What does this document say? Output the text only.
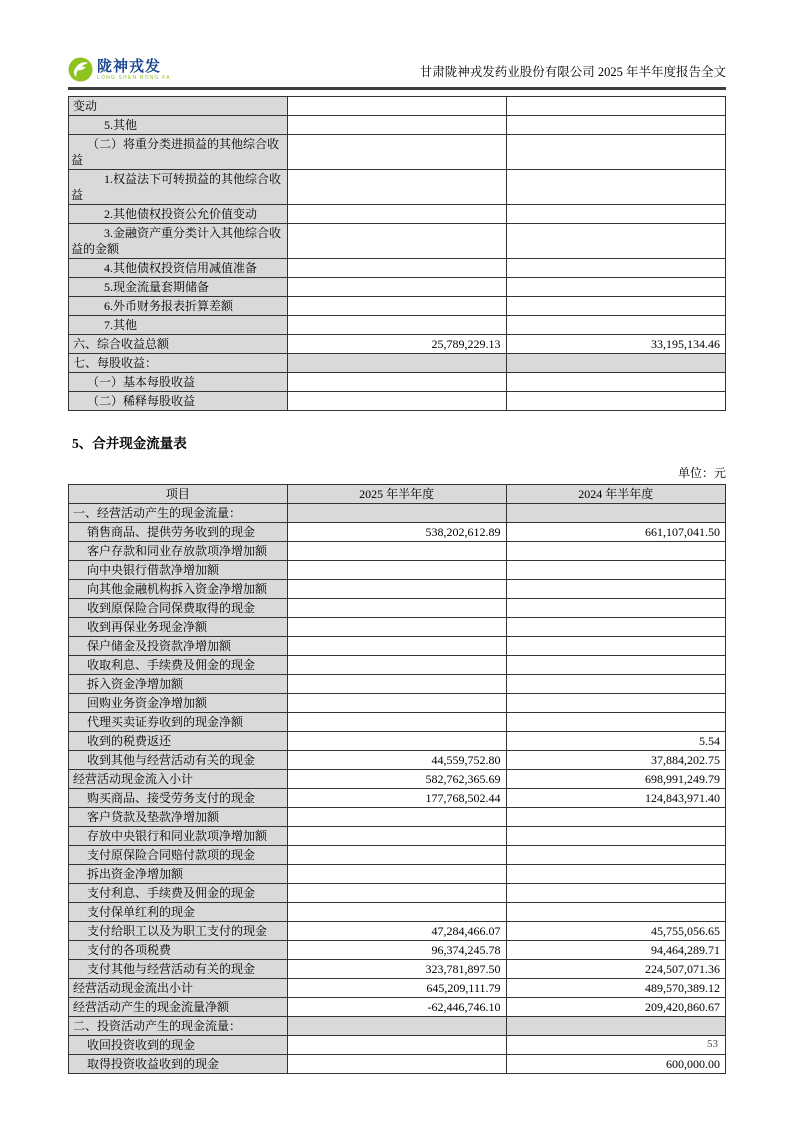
陇神戎发
LONG SHEN RONG FA	甘肃陇神戎发药业股份有限公司 2025 年半年度报告全文
变动		
5.其他		
（二）将重分类进损益的其他综合收益		
1.权益法下可转损益的其他综合收益		
2.其他债权投资公允价值变动		
3.金融资产重分类计入其他综合收益的金额		
4.其他债权投资信用减值准备		
5.现金流量套期储备		
6.外币财务报表折算差额		
7.其他		
六、综合收益总额	25,789,229.13	33,195,134.46
七、每股收益：		
（一）基本每股收益		
（二）稀释每股收益		
5、合并现金流量表
单位：元
项目	2025 年半年度	2024 年半年度
一、经营活动产生的现金流量：		
销售商品、提供劳务收到的现金	538,202,612.89	661,107,041.50
客户存款和同业存放款项净增加额		
向中央银行借款净增加额		
向其他金融机构拆入资金净增加额		
收到原保险合同保费取得的现金		
收到再保业务现金净额		
保户储金及投资款净增加额		
收取利息、手续费及佣金的现金		
拆入资金净增加额		
回购业务资金净增加额		
代理买卖证券收到的现金净额		
收到的税费返还		5.54
收到其他与经营活动有关的现金	44,559,752.80	37,884,202.75
经营活动现金流入小计	582,762,365.69	698,991,249.79
购买商品、接受劳务支付的现金	177,768,502.44	124,843,971.40
客户贷款及垫款净增加额		
存放中央银行和同业款项净增加额		
支付原保险合同赔付款项的现金		
拆出资金净增加额		
支付利息、手续费及佣金的现金		
支付保单红利的现金		
支付给职工以及为职工支付的现金	47,284,466.07	45,755,056.65
支付的各项税费	96,374,245.78	94,464,289.71
支付其他与经营活动有关的现金	323,781,897.50	224,507,071.36
经营活动现金流出小计	645,209,111.79	489,570,389.12
经营活动产生的现金流量净额	-62,446,746.10	209,420,860.67
二、投资活动产生的现金流量：		
收回投资收到的现金		
取得投资收益收到的现金		600,000.00
53
